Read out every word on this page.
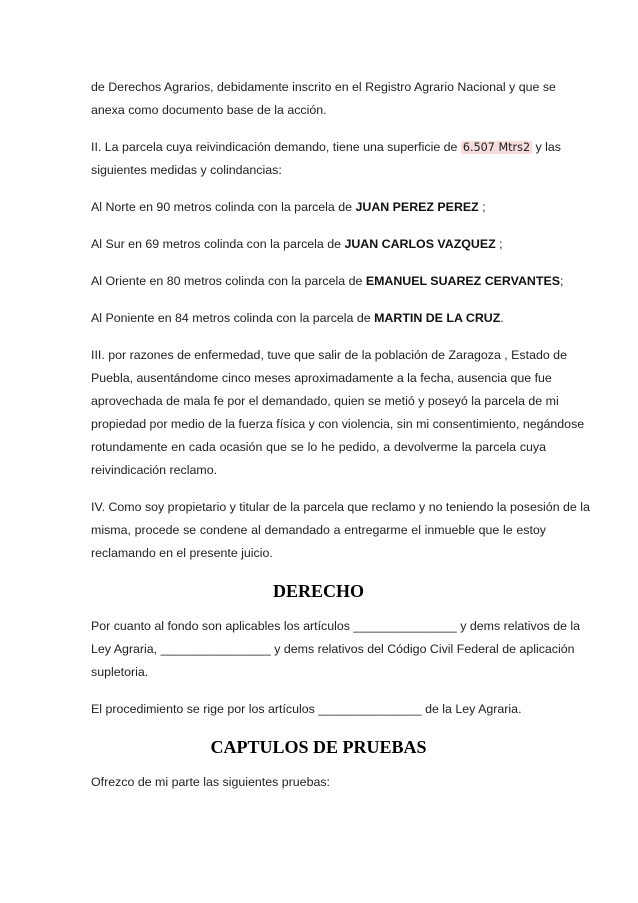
de Derechos Agrarios, debidamente inscrito en el Registro Agrario Nacional y que se
anexa como documento base de la acción.
II. La parcela cuya reivindicación demando, tiene una superficie de 6.507 Mtrs2 y las
siguientes medidas y colindancias:
Al Norte en 90 metros colinda con la parcela de JUAN PEREZ PEREZ ;
Al Sur en 69 metros colinda con la parcela de JUAN CARLOS VAZQUEZ ;
Al Oriente en 80 metros colinda con la parcela de EMANUEL SUAREZ CERVANTES;
Al Poniente en 84 metros colinda con la parcela de MARTIN DE LA CRUZ.
III. por razones de enfermedad, tuve que salir de la población de Zaragoza , Estado de
Puebla, ausentándome cinco meses aproximadamente a la fecha, ausencia que fue
aprovechada de mala fe por el demandado, quien se metió y poseyó la parcela de mi
propiedad por medio de la fuerza física y con violencia, sin mi consentimiento, negándose
rotundamente en cada ocasión que se lo he pedido, a devolverme la parcela cuya
reivindicación reclamo.
IV. Como soy propietario y titular de la parcela que reclamo y no teniendo la posesión de la
misma, procede se condene al demandado a entregarme el inmueble que le estoy
reclamando en el presente juicio.
DERECHO
Por cuanto al fondo son aplicables los artículos _______________ y dems relativos de la
Ley Agraria, ________________ y dems relativos del Código Civil Federal de aplicación
supletoria.
El procedimiento se rige por los artículos _______________ de la Ley Agraria.
CAPTULOS DE PRUEBAS
Ofrezco de mi parte las siguientes pruebas:
